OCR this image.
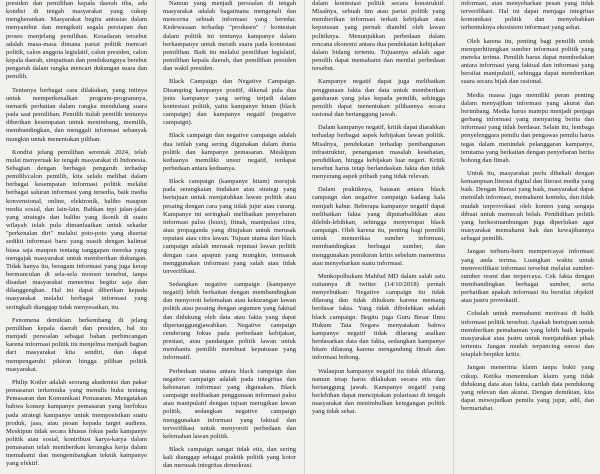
presiden dan pemilihan kepala daerah tiba, ada kondisi di tengah masyarakat yang cukup mengherankan. Masyarakat begitu antusias dalam menyambut dan mengikuti segala persiapan dan proses menjelang pemilihan. Kesadaran tersebut adalah masa-masa dimana partai politik mencari politik, calon anggota legislatif, calon presiden, calon kepala daerah, simpatisan dan pendukungnya berebut pengaruh dalam rangka mencari dukungan suara dan pemilih.

Tentunya berbagai cara dilakukan, yang intinya untuk memperkenalkan program-programnya, menarik perhatian dalam rangka mendulang suara pada saat pemilihan. Pemilih itulah pemilih tentunya diberikan kesempatan untuk menimbang, memilih, membandingkan, dan menggali informasi sebanyak mungkin untuk menentukan pilihan.

Kondisi jelang pemilihan serentak 2024, telah mulai menyeruak ke tengah masyarakat di Indonesia. Sebagian dengan berbagai pengaruh terhadap pemilih/calon pemilih, kita selalu melihat dalam berbagai kesempatan informasi politik melalui berbagai saluran informasi yang tersedia, baik media konvensional, online, elektronik, baliho maupun media sosial, dan lain-lain. Bahkan tepi jalan-jalan yang strategis dan baliho yang ikonik di suatu wilayah telah pula dimanfaatkan untuk sekadar "perkenalan diri" melalui poto-poto yang disertai sedikit informasi baru yang masih dengan kalimat biasa saja maupun tentang tanggapan mereka yang mengajak masyarakat untuk memberikan dukungan. Tidak hanya itu, beragam informasi yang juga kerap bermunculan di sela-sela momen tersebut, tanpa disadari masyarakat menerima begitu saja dan dilanggengkan. Hal ini dapat diberikan kepada masyarakat melalui berbagai informasi yang seringkali dianggap tidak menyesatkan, itu.

Fenomena demikian berkembang di jelang pemilihan kepala daerah dan presiden, hal itu menjadi persoalan sebagai bahan perbincangan karena informasi politik itu menjelma menjadi bagian dari masyarakat kita sendiri, dan dapat mempengaruhi pikiran hingga pilihan politik masyarakat.

Philip Kotler adalah seorang akademisi dan pakar pemasaran terkemuka yang menulis buku tentang Pemasaran dan Komunikasi Pemasaran. Mengatakan bahwa konsep kampanye pemasaran yang berfokus pada strategi kampanye untuk memposisikan suatu produk, jasa, atau pesan kepada target audiens. Meskipun tidak secara khusus fokus pada kampanye politik atau sosial, kontribusi karya-karya dalam pemasaran telah memberikan kerangka kerja dalam memahami dan mengembangkan teknik kampanye yang efektif.

Namun yang menjadi persoalan di tengah masyarakat adalah bagaimana mengenali dan mencerna sebuah informasi yang beredar. Kedewasaan terhadap "produsen" / kontestan dalam politik ini tentunya kampanye dalam berkampanye untuk meraih suara pada kontestasi pemilihan. Baik itu melalui pemilihan legislatif, pemilihan kepala daerah, dan pemilihan presiden dan wakil presiden.

Black Campaign dan Negative Campaign. Disamping kampanye positif, dikenal pula dua jenis kampanye yang sering terjadi dalam kontestasi politik, yaitu kampanye hitam (black campaign) dan kampanye negatif (negative campaign).

Black campaign dan negative campaign adalah dua istilah yang sering digunakan dalam dunia politik dan kampanye pemasaran. Meskipun keduanya memiliki unsur negatif, terdapat perbedaan antara keduanya.

Black campaign (kampanye hitam) merujuk pada serangkaian tindakan atau strategi yang bertujuan untuk menjatuhkan lawan politik atau pesaing dengan cara yang tidak jujur atau curang. Kampanye ini seringkali melibatkan penyebaran informasi palsu (hoax), fitnah, manipulasi citra, atau propaganda yang ditujukan untuk merusak reputasi atau citra lawan. Tujuan utama dari black campaign adalah merusak reputasi lawan politik dengan cara apapun yang mungkin, termasuk menggunakan informasi yang salah atau tidak terverifikasi.

Sedangkan negative campaign (kampanye negatif) lebih berkaitan dengan membandingkan dan menyoroti kelemahan atau kekurangan lawan politik atau pesaing dengan argumen yang faktual dan didukung oleh data atau fakta yang dapat dipertanggungjawabkan. Negative campaign cenderung fokus pada perbedaan kebijakan, prestasi, atau pandangan politik lawan untuk membantu pemilih membuat keputusan yang informatif.

Perbedaan utama antara black campaign dan negative campaign adalah pada integritas dan kebenaran informasi yang digunakan. Black campaign melibatkan penggunaan informasi palsu atau manipulatif dengan tujuan merugikan lawan politik, sedangkan negative campaign menggunakan informasi yang faktual dan terverifikasi untuk menyoroti perbedaan dan kelemahan lawan politik.

Black campaign sangat tidak etis, dan sering kali dianggap sebagai praktik politik yang kotor dan merusak integritas demokrasi.

dalam kontestasi politik secara konstruktif. Misalnya, sebuah tim atau partai politik yang memberikan informasi terkait kebijakan atau keputusan yang pernah diambil oleh lawan politiknya. Menunjukkan perbedaan dalam rencana ekonomi antara dua pendekatan kebijakan dalam bidang tertentu. Tujuannya adalah agar pemilih dapat memahami dan menilai perbedaan tersebut.

Kampanye negatif dapat juga melibatkan penggunaan fakta dan data untuk memberikan gambaran yang jelas kepada pemilih, sehingga pemilih dapat menentukan pilihannya secara rasional dan bertanggung jawab.

Dalam kampanye negatif, kritik dapat diarahkan terhadap berbagai aspek kebijakan lawan politik. Misalnya, pendekatan terhadap pembangunan infrastruktur, penanganan masalah kesehatan, pendidikan, hingga kebijakan luar negeri. Kritik tersebut harus tetap berlandaskan fakta dan tidak menyerang aspek pribadi yang tidak relevan.

Dalam praktiknya, batasan antara black campaign dan negative campaign kadang kala menjadi kabur. Beberapa kampanye negatif dapat melibatkan fakta yang diputarbalikkan atau dilebih-lebihkan, sehingga menyerupai black campaign. Oleh karena itu, penting bagi pemilih untuk memeriksa sumber informasi, membandingkan berbagai sumber, dan menggunakan pemikiran kritis sebelum menerima atau menyebarkan suatu informasi.

Menkopolhukam Mahfud MD dalam salah satu cuitannya di twitter (14/10/2018) pernah menyebutkan: Negative campaign itu tidak dilarang dan tidak dihukum karena memang berdasar fakta. Yang tidak dibolehkan adalah black campaign. Begitu juga Guru Besar Ilmu Hukum Tata Negara menyatakan bahwa kampanye negatif tidak dilarang asalkan berdasarkan data dan fakta, sedangkan kampanye hitam dilarang karena mengandung fitnah dan informasi bohong.

Walaupun kampanye negatif itu tidak dilarang, namun tetap harus dilakukan secara etis dan bertanggung jawab. Kampanye negatif yang berlebihan dapat menciptakan polarisasi di tengah masyarakat dan menimbulkan ketegangan politik yang tidak sehat.

informasi, atau menyebarkan pesan yang tidak terverifikasi. Hal ini dapat menjaga integritas komunikasi politik dan menyebabkan terbentuknya ekosistem informasi yang sehat.

Oleh karena itu, penting bagi pemilih untuk memperhitungkan sumber informasi politik yang mereka terima. Pemilih harus dapat membedakan antara informasi yang faktual dan informasi yang bersifat manipulatif, sehingga dapat memberikan suara secara bijak dan rasional.

Media massa juga memiliki peran penting dalam menyajikan informasi yang akurat dan berimbang. Media harus mampu menjadi penjaga gerbang informasi yang menyaring berita dan informasi yang tidak berdasar. Selain itu, lembaga penyelenggara pemilu dan pengawas pemilu harus tegas dalam menindak pelanggaran kampanye, terutama yang berkaitan dengan penyebaran berita bohong dan fitnah.

Untuk itu, masyarakat perlu dibekali dengan kemampuan literasi digital dan literasi media yang baik. Dengan literasi yang baik, masyarakat dapat memilah informasi, memahami konteks, dan tidak mudah terprovokasi oleh konten yang sengaja dibuat untuk memecah belah. Pendidikan politik yang berkesinambungan juga diperlukan agar masyarakat memahami hak dan kewajibannya sebagai pemilih.

Jangan terburu-buru mempercayai informasi yang anda terima. Luangkan waktu untuk memverifikasi informasi tersebut melalui sumber-sumber resmi dan terpercaya. Cek fakta dengan membandingkan berbagai sumber, serta perhatikan apakah informasi itu bersifat objektif atau justru provokatif.

Cobalah untuk memahami motivasi di balik informasi politik tersebut. Apakah bertujuan untuk memberikan pemahaman yang lebih baik kepada masyarakat atau justru untuk menjatuhkan pihak tertentu. Jangan mudah terpancing emosi dan tetaplah berpikir kritis.

Jangan menerima klaim tanpa bukti yang cukup. Ketika menemukan klaim yang tidak didukung data atau fakta, carilah data pendukung yang relevan dan akurat. Dengan demikian, kita dapat mewujudkan pemilu yang jujur, adil, dan bermartabat.
